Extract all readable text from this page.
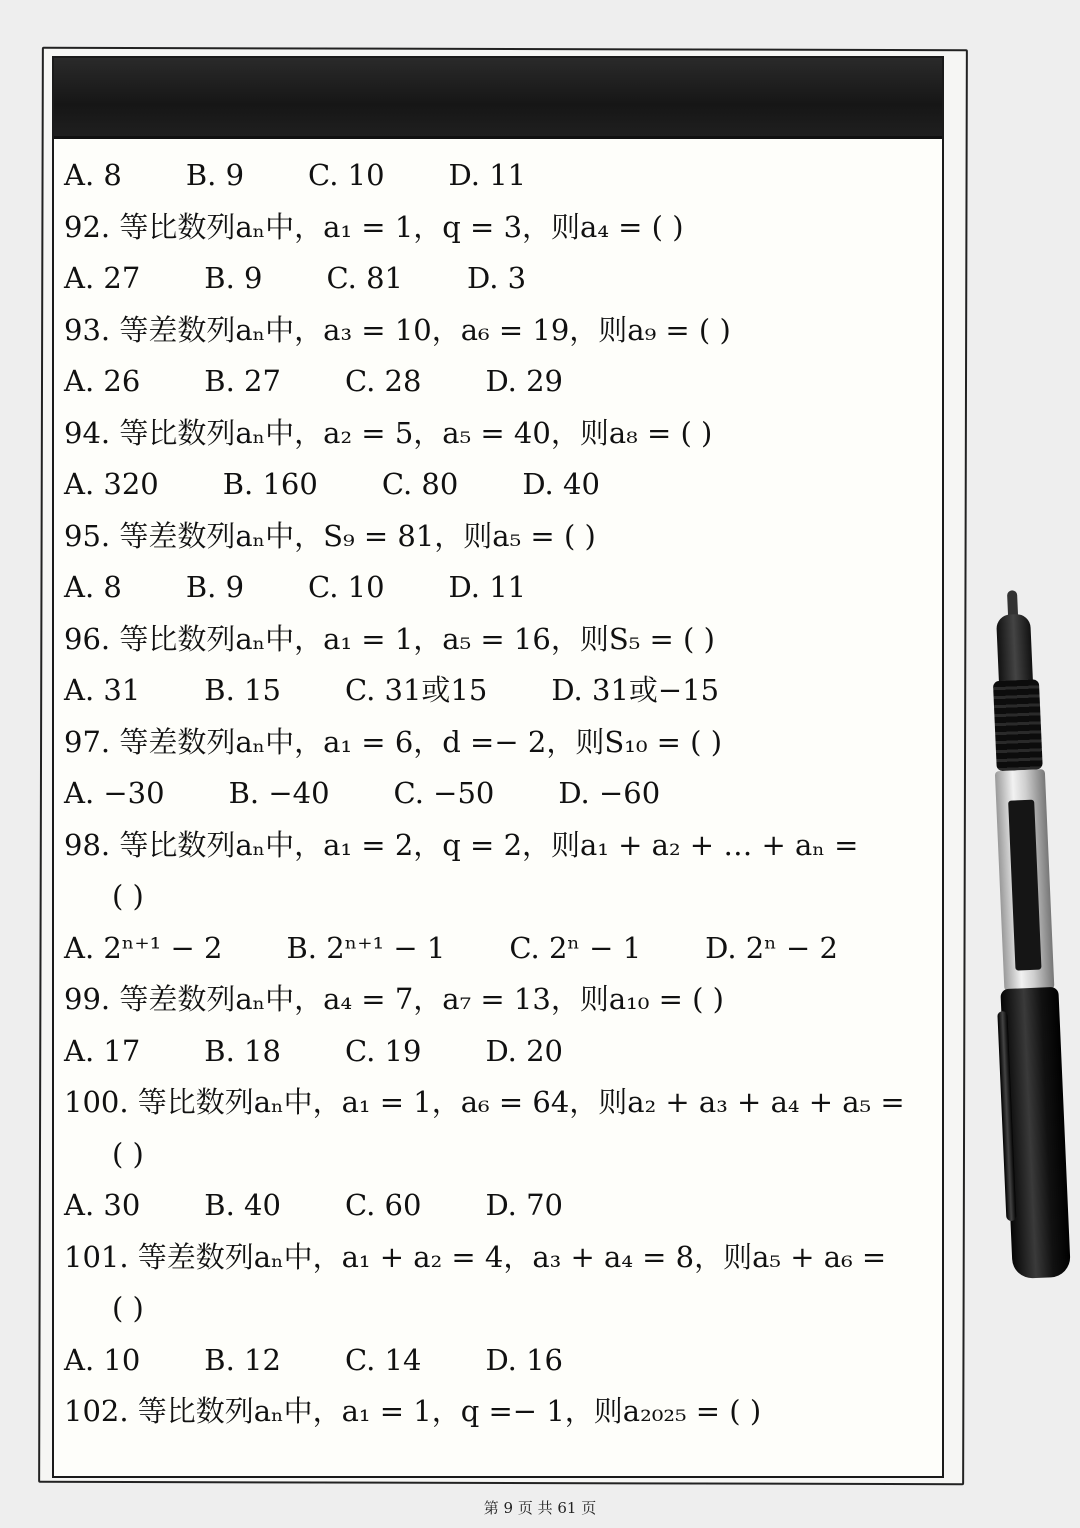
A. 8 B. 9 C. 10 D. 11
92. 等比数列aₙ中，a₁ = 1，q = 3，则a₄ = ( )
A. 27 B. 9 C. 81 D. 3
93. 等差数列aₙ中，a₃ = 10，a₆ = 19，则a₉ = ( )
A. 26 B. 27 C. 28 D. 29
94. 等比数列aₙ中，a₂ = 5，a₅ = 40，则a₈ = ( )
A. 320 B. 160 C. 80 D. 40
95. 等差数列aₙ中，S₉ = 81，则a₅ = ( )
A. 8 B. 9 C. 10 D. 11
96. 等比数列aₙ中，a₁ = 1，a₅ = 16，则S₅ = ( )
A. 31 B. 15 C. 31或15 D. 31或−15
97. 等差数列aₙ中，a₁ = 6，d =− 2，则S₁₀ = ( )
A. −30 B. −40 C. −50 D. −60
98. 等比数列aₙ中，a₁ = 2，q = 2，则a₁ + a₂ + … + aₙ =
( )
A. 2ⁿ⁺¹ − 2 B. 2ⁿ⁺¹ − 1 C. 2ⁿ − 1 D. 2ⁿ − 2
99. 等差数列aₙ中，a₄ = 7，a₇ = 13，则a₁₀ = ( )
A. 17 B. 18 C. 19 D. 20
100. 等比数列aₙ中，a₁ = 1，a₆ = 64，则a₂ + a₃ + a₄ + a₅ =
( )
A. 30 B. 40 C. 60 D. 70
101. 等差数列aₙ中，a₁ + a₂ = 4，a₃ + a₄ = 8，则a₅ + a₆ =
( )
A. 10 B. 12 C. 14 D. 16
102. 等比数列aₙ中，a₁ = 1，q =− 1，则a₂₀₂₅ = ( )
第 9 页 共 61 页
